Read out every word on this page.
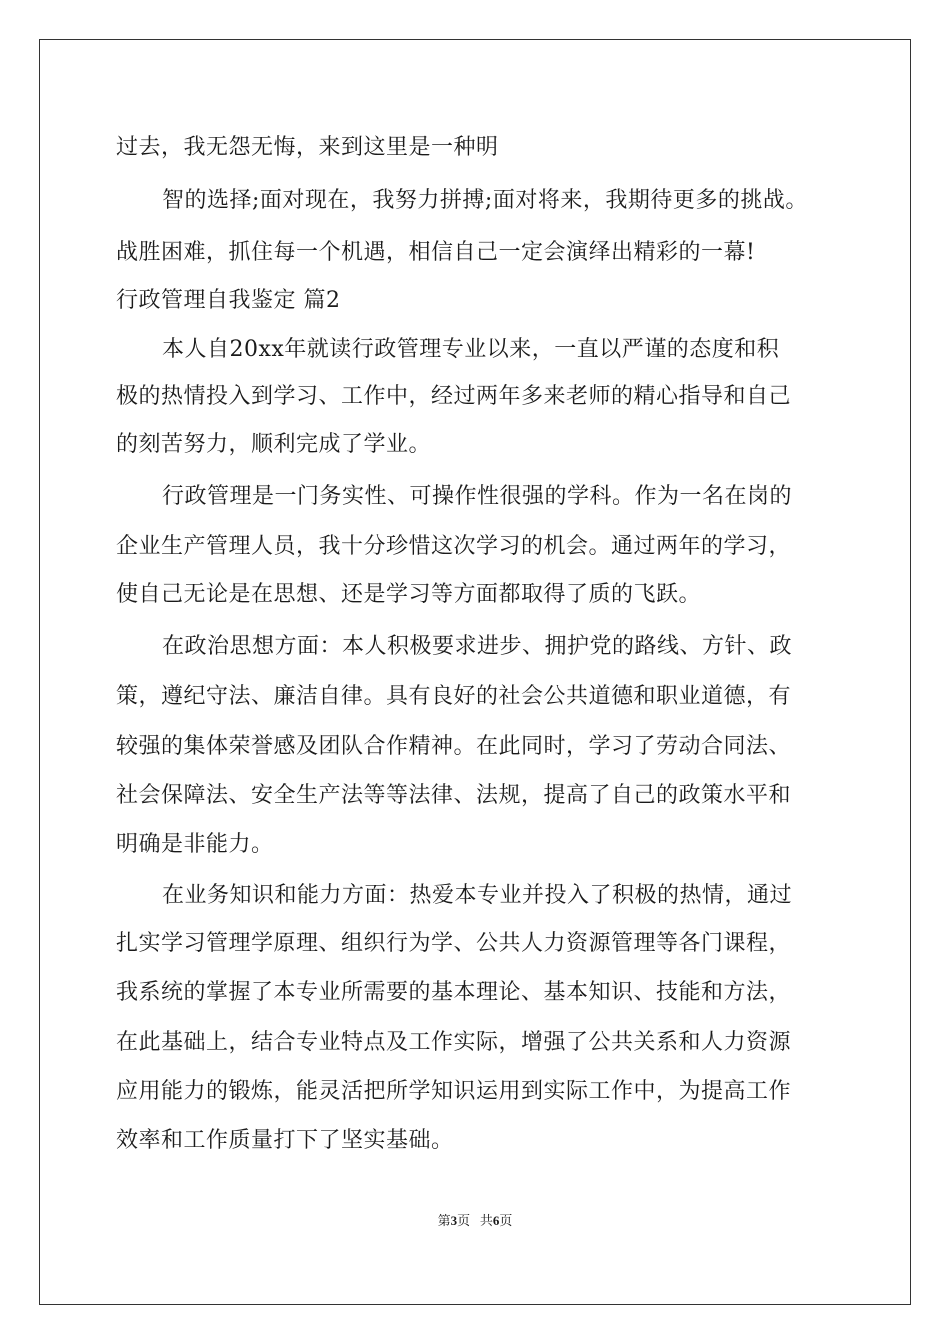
过去，我无怨无悔，来到这里是一种明
智的选择;面对现在，我努力拼搏;面对将来，我期待更多的挑战。
战胜困难，抓住每一个机遇，相信自己一定会演绎出精彩的一幕!
行政管理自我鉴定 篇2
本人自20xx年就读行政管理专业以来，一直以严谨的态度和积
极的热情投入到学习、工作中，经过两年多来老师的精心指导和自己
的刻苦努力，顺利完成了学业。
行政管理是一门务实性、可操作性很强的学科。作为一名在岗的
企业生产管理人员，我十分珍惜这次学习的机会。通过两年的学习，
使自己无论是在思想、还是学习等方面都取得了质的飞跃。
在政治思想方面：本人积极要求进步、拥护党的路线、方针、政
策，遵纪守法、廉洁自律。具有良好的社会公共道德和职业道德，有
较强的集体荣誉感及团队合作精神。在此同时，学习了劳动合同法、
社会保障法、安全生产法等等法律、法规，提高了自己的政策水平和
明确是非能力。
在业务知识和能力方面：热爱本专业并投入了积极的热情，通过
扎实学习管理学原理、组织行为学、公共人力资源管理等各门课程，
我系统的掌握了本专业所需要的基本理论、基本知识、技能和方法，
在此基础上，结合专业特点及工作实际，增强了公共关系和人力资源
应用能力的锻炼，能灵活把所学知识运用到实际工作中，为提高工作
效率和工作质量打下了坚实基础。
第3页 共6页
